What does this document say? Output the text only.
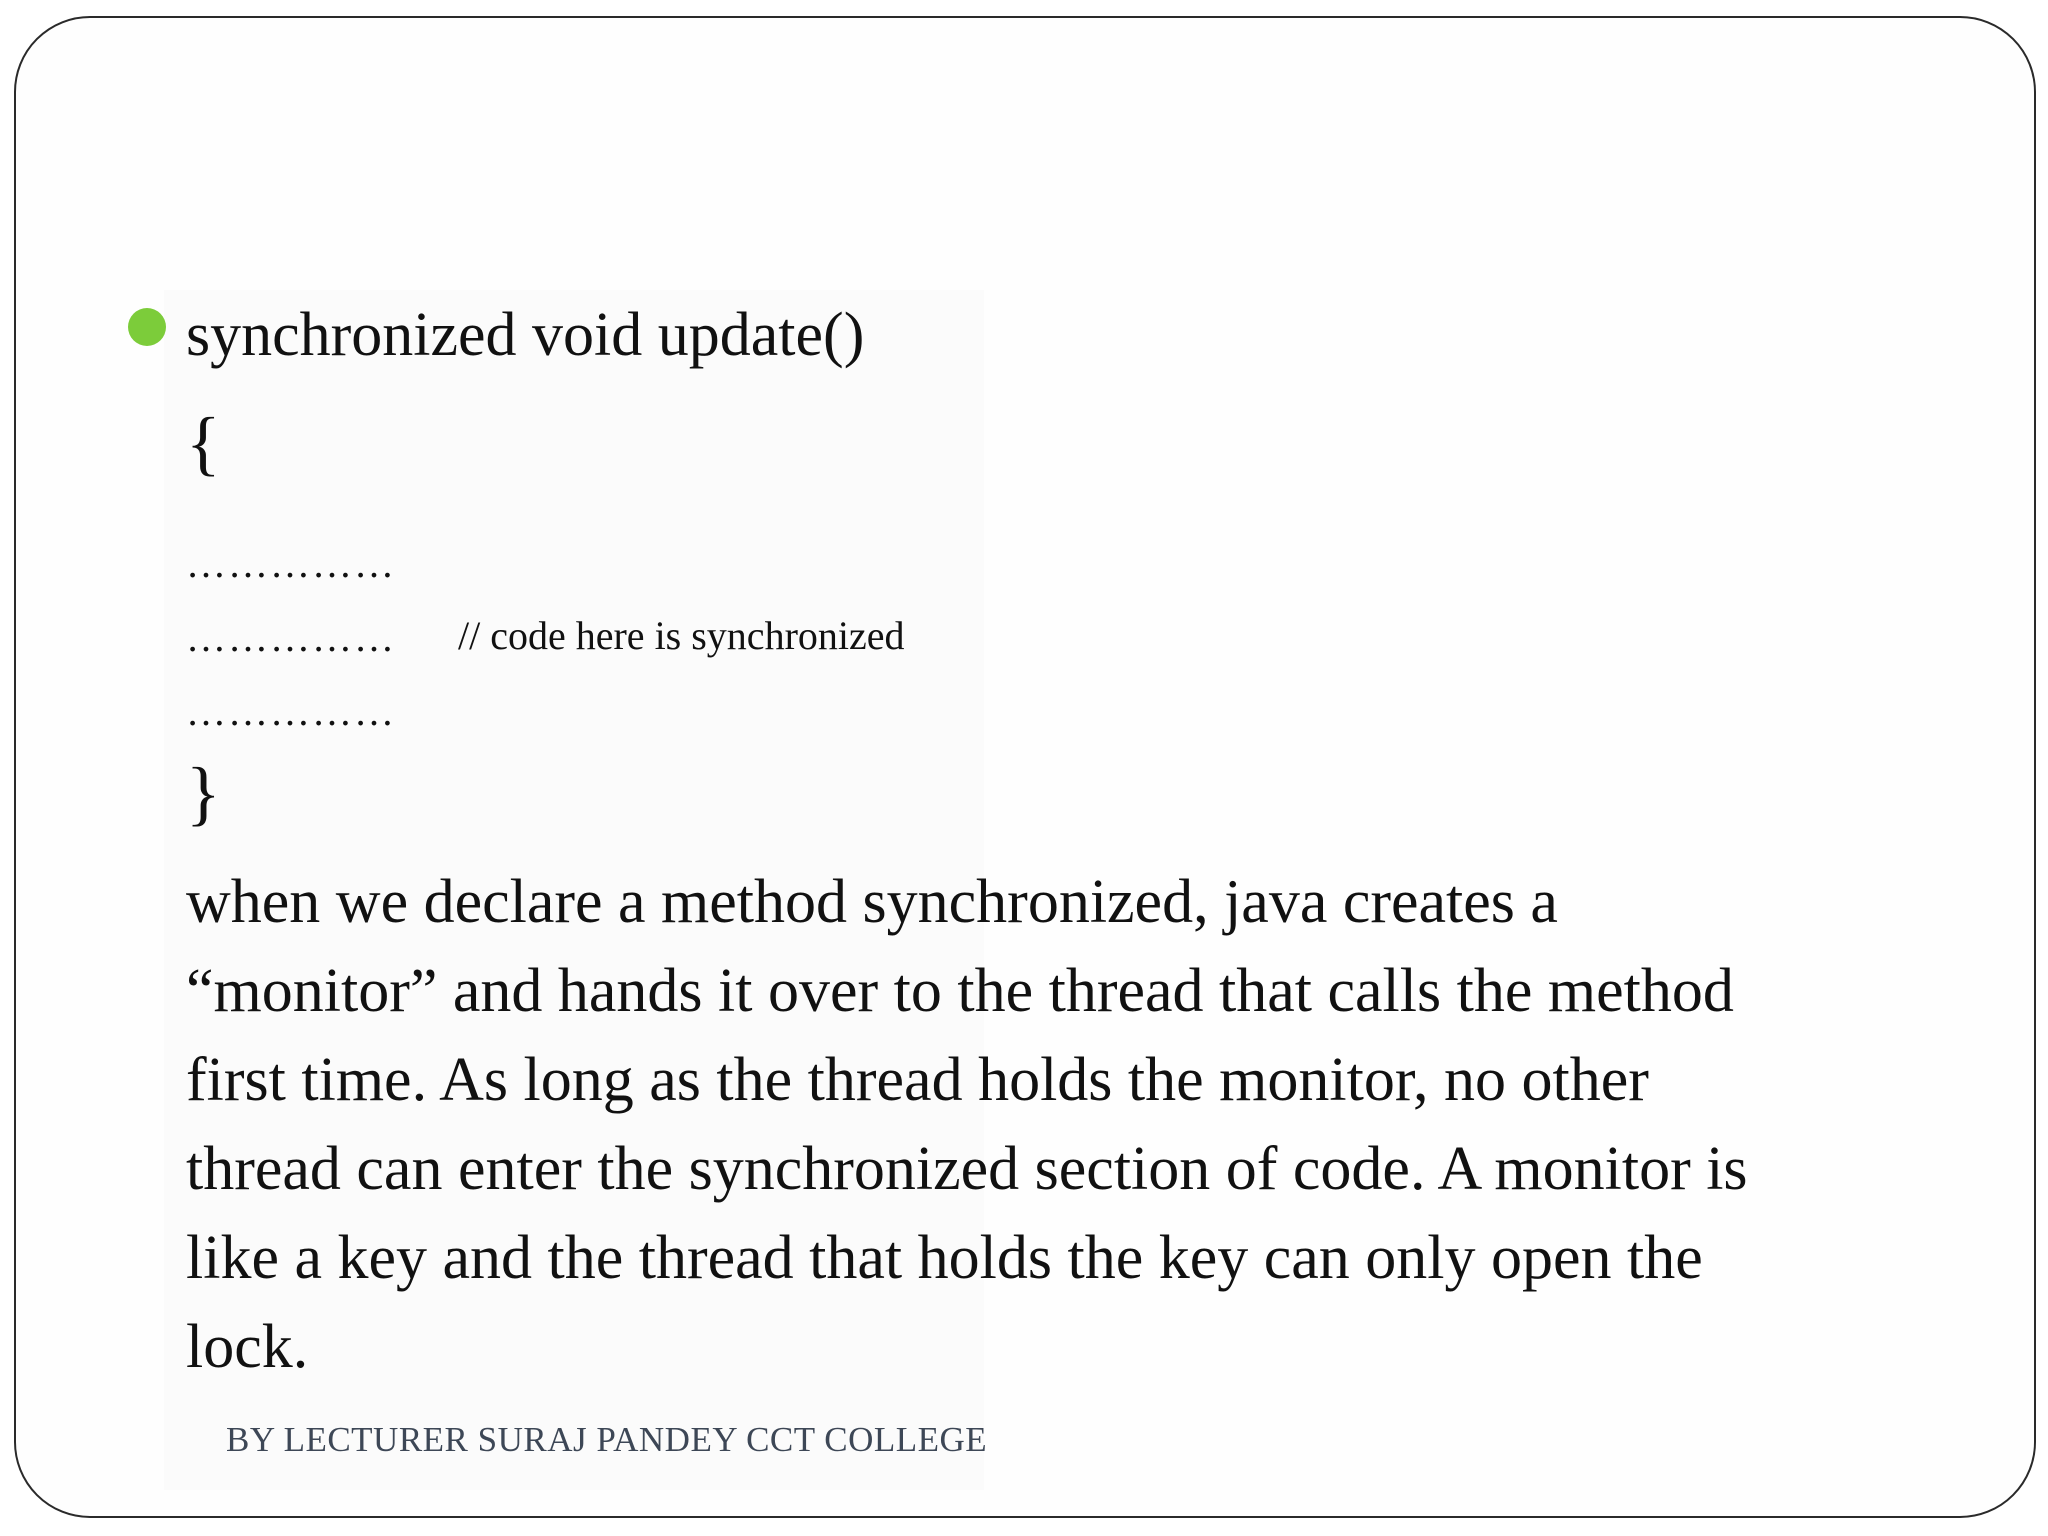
synchronized void update()
{
……………
…………… // code here is synchronized
……………
}
when we declare a method synchronized, java creates a
“monitor” and hands it over to the thread that calls the method
first time. As long as the thread holds the monitor, no other
thread can enter the synchronized section of code. A monitor is
like a key and the thread that holds the key can only open the
lock.
BY LECTURER SURAJ PANDEY CCT COLLEGE
